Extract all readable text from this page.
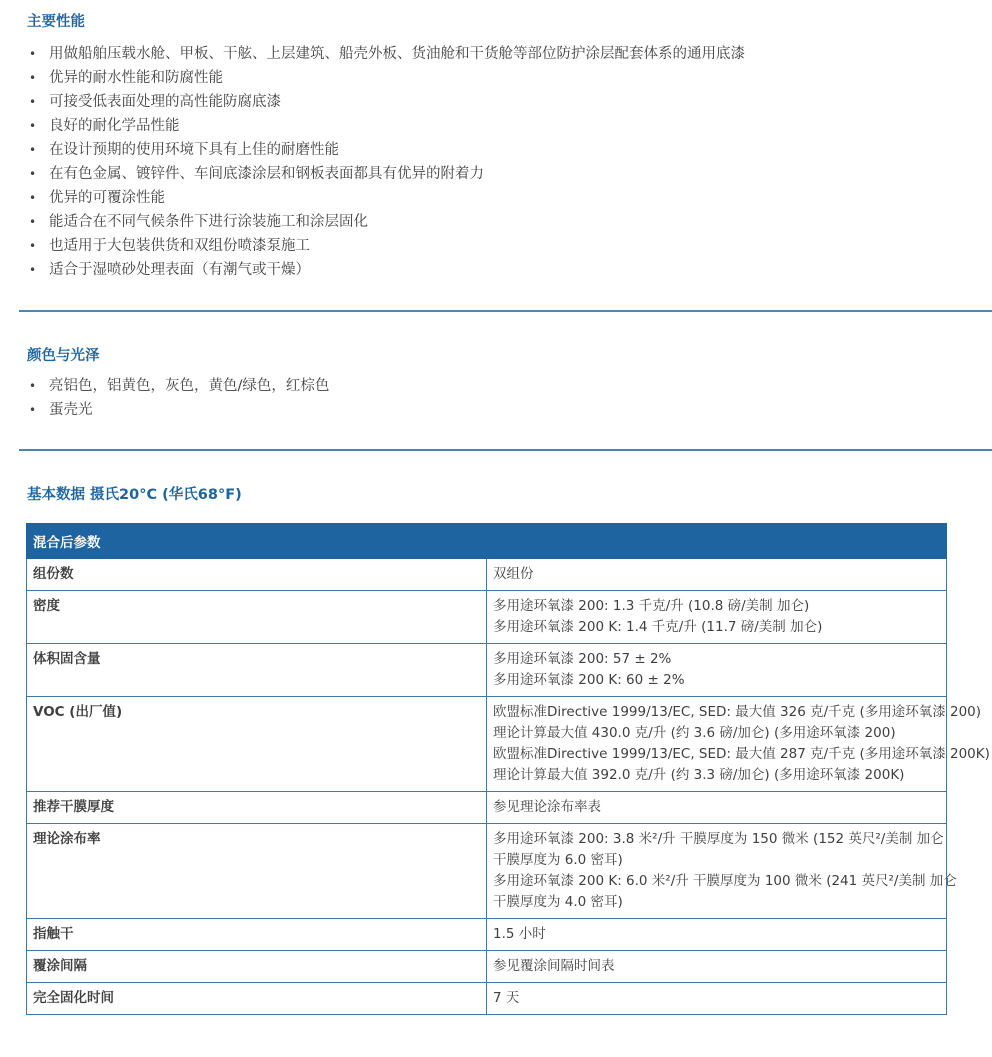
主要性能
• 用做船舶压载水舱、甲板、干舷、上层建筑、船壳外板、货油舱和干货舱等部位防护涂层配套体系的通用底漆
• 优异的耐水性能和防腐性能
• 可接受低表面处理的高性能防腐底漆
• 良好的耐化学品性能
• 在设计预期的使用环境下具有上佳的耐磨性能
• 在有色金属、镀锌件、车间底漆涂层和钢板表面都具有优异的附着力
• 优异的可覆涂性能
• 能适合在不同气候条件下进行涂装施工和涂层固化
• 也适用于大包装供货和双组份喷漆泵施工
• 适合于湿喷砂处理表面（有潮气或干燥）
颜色与光泽
• 亮铝色，铝黄色，灰色，黄色/绿色，红棕色
• 蛋壳光
基本数据 摄氏20°C (华氏68°F)
混合后参数	
组份数	双组份

密度	多用途环氧漆 200: 1.3 千克/升 (10.8 磅/美制 加仑)
多用途环氧漆 200 K: 1.4 千克/升 (11.7 磅/美制 加仑)

体积固含量	多用途环氧漆 200: 57 ± 2%
多用途环氧漆 200 K: 60 ± 2%

VOC (出厂值)	欧盟标准Directive 1999/13/EC, SED: 最大值 326 克/千克 (多用途环氧漆 200)
理论计算最大值 430.0 克/升 (约 3.6 磅/加仑) (多用途环氧漆 200)
欧盟标准Directive 1999/13/EC, SED: 最大值 287 克/千克 (多用途环氧漆 200K)
理论计算最大值 392.0 克/升 (约 3.3 磅/加仑) (多用途环氧漆 200K)

推荐干膜厚度	参见理论涂布率表

理论涂布率	多用途环氧漆 200: 3.8 米²/升 干膜厚度为 150 微米 (152 英尺²/美制 加仑
干膜厚度为 6.0 密耳)
多用途环氧漆 200 K: 6.0 米²/升 干膜厚度为 100 微米 (241 英尺²/美制 加仑
干膜厚度为 4.0 密耳)

指触干	1.5 小时

覆涂间隔	参见覆涂间隔时间表

完全固化时间	7 天
